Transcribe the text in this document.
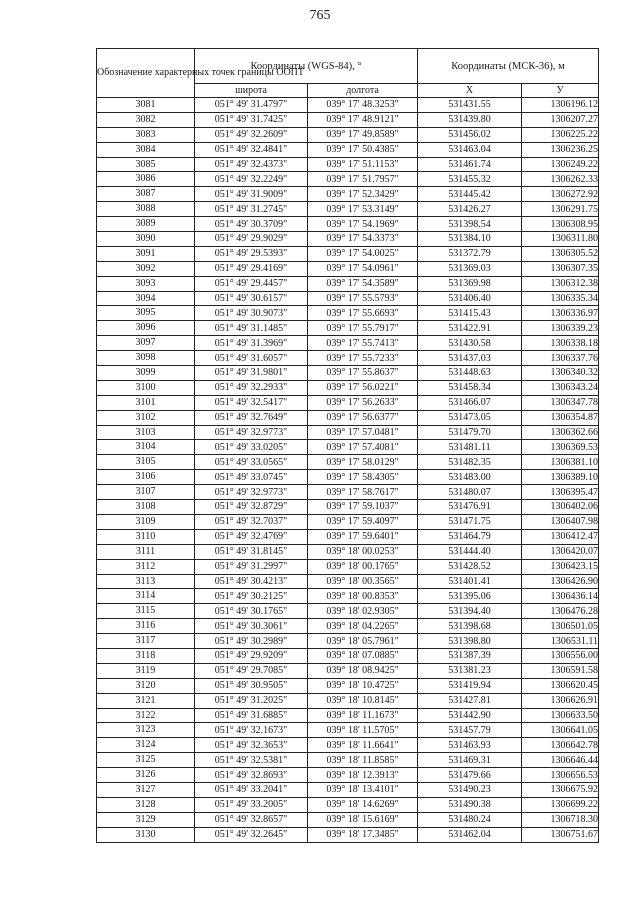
765
Обозначение характерных точек границы ООПТ	Координаты (WGS-84), °		Координаты (МСК-36), м	
	широта	долгота	X	У
3081	051° 49' 31.4797"	039° 17' 48.3253"	531431.55	1306196.12
3082	051° 49' 31.7425"	039° 17' 48.9121"	531439.80	1306207.27
3083	051° 49' 32.2609"	039° 17' 49.8589"	531456.02	1306225.22
3084	051° 49' 32.4841"	039° 17' 50.4385"	531463.04	1306236.25
3085	051° 49' 32.4373"	039° 17' 51.1153"	531461.74	1306249.22
3086	051° 49' 32.2249"	039° 17' 51.7957"	531455.32	1306262.33
3087	051° 49' 31.9009"	039° 17' 52.3429"	531445.42	1306272.92
3088	051° 49' 31.2745"	039° 17' 53.3149"	531426.27	1306291.75
3089	051° 49' 30.3709"	039° 17' 54.1969"	531398.54	1306308.95
3090	051° 49' 29.9029"	039° 17' 54.3373"	531384.10	1306311.80
3091	051° 49' 29.5393"	039° 17' 54.0025"	531372.79	1306305.52
3092	051° 49' 29.4169"	039° 17' 54.0961"	531369.03	1306307.35
3093	051° 49' 29.4457"	039° 17' 54.3589"	531369.98	1306312.38
3094	051° 49' 30.6157"	039° 17' 55.5793"	531406.40	1306335.34
3095	051° 49' 30.9073"	039° 17' 55.6693"	531415.43	1306336.97
3096	051° 49' 31.1485"	039° 17' 55.7917"	531422.91	1306339.23
3097	051° 49' 31.3969"	039° 17' 55.7413"	531430.58	1306338.18
3098	051° 49' 31.6057"	039° 17' 55.7233"	531437.03	1306337.76
3099	051° 49' 31.9801"	039° 17' 55.8637"	531448.63	1306340.32
3100	051° 49' 32.2933"	039° 17' 56.0221"	531458.34	1306343.24
3101	051° 49' 32.5417"	039° 17' 56.2633"	531466.07	1306347.78
3102	051° 49' 32.7649"	039° 17' 56.6377"	531473.05	1306354.87
3103	051° 49' 32.9773"	039° 17' 57.0481"	531479.70	1306362.66
3104	051° 49' 33.0205"	039° 17' 57.4081"	531481.11	1306369.53
3105	051° 49' 33.0565"	039° 17' 58.0129"	531482.35	1306381.10
3106	051° 49' 33.0745"	039° 17' 58.4305"	531483.00	1306389.10
3107	051° 49' 32.9773"	039° 17' 58.7617"	531480.07	1306395.47
3108	051° 49' 32.8729"	039° 17' 59.1037"	531476.91	1306402.06
3109	051° 49' 32.7037"	039° 17' 59.4097"	531471.75	1306407.98
3110	051° 49' 32.4769"	039° 17' 59.6401"	531464.79	1306412.47
3111	051° 49' 31.8145"	039° 18' 00.0253"	531444.40	1306420.07
3112	051° 49' 31.2997"	039° 18' 00.1765"	531428.52	1306423.15
3113	051° 49' 30.4213"	039° 18' 00.3565"	531401.41	1306426.90
3114	051° 49' 30.2125"	039° 18' 00.8353"	531395.06	1306436.14
3115	051° 49' 30.1765"	039° 18' 02.9305"	531394.40	1306476.28
3116	051° 49' 30.3061"	039° 18' 04.2265"	531398.68	1306501.05
3117	051° 49' 30.2989"	039° 18' 05.7961"	531398.80	1306531.11
3118	051° 49' 29.9209"	039° 18' 07.0885"	531387.39	1306556.00
3119	051° 49' 29.7085"	039° 18' 08.9425"	531381.23	1306591.58
3120	051° 49' 30.9505"	039° 18' 10.4725"	531419.94	1306620.45
3121	051° 49' 31.2025"	039° 18' 10.8145"	531427.81	1306626.91
3122	051° 49' 31.6885"	039° 18' 11.1673"	531442.90	1306633.50
3123	051° 49' 32.1673"	039° 18' 11.5705"	531457.79	1306641.05
3124	051° 49' 32.3653"	039° 18' 11.6641"	531463.93	1306642.78
3125	051° 49' 32.5381"	039° 18' 11.8585"	531469.31	1306646.44
3126	051° 49' 32.8693"	039° 18' 12.3913"	531479.66	1306656.53
3127	051° 49' 33.2041"	039° 18' 13.4101"	531490.23	1306675.92
3128	051° 49' 33.2005"	039° 18' 14.6269"	531490.38	1306699.22
3129	051° 49' 32.8657"	039° 18' 15.6169"	531480.24	1306718.30
3130	051° 49' 32.2645"	039° 18' 17.3485"	531462.04	1306751.67
